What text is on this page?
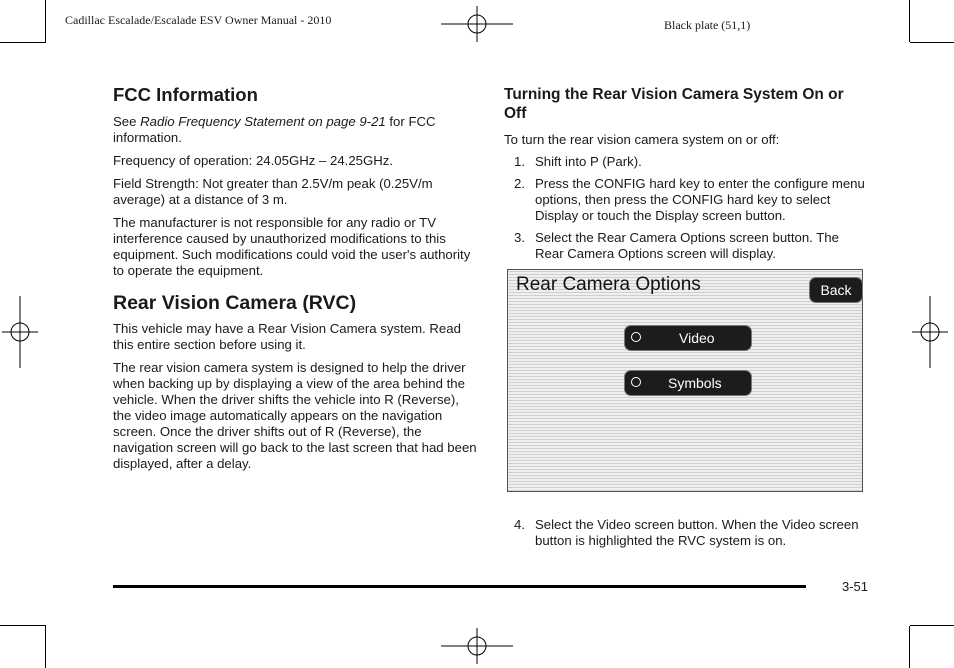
Cadillac Escalade/Escalade ESV Owner Manual - 2010	Black plate (51,1)
FCC Information

See Radio Frequency Statement on page 9‑21 for FCC information.

Frequency of operation: 24.05GHz – 24.25GHz.

Field Strength: Not greater than 2.5V/m peak (0.25V/m average) at a distance of 3 m.

The manufacturer is not responsible for any radio or TV interference caused by unauthorized modifications to this equipment. Such modifications could void the user's authority to operate the equipment.

Rear Vision Camera (RVC)

This vehicle may have a Rear Vision Camera system. Read this entire section before using it.

The rear vision camera system is designed to help the driver when backing up by displaying a view of the area behind the vehicle. When the driver shifts the vehicle into R (Reverse), the video image automatically appears on the navigation screen. Once the driver shifts out of R (Reverse), the navigation screen will go back to the last screen that had been displayed, after a delay.

Turning the Rear Vision Camera System On or Off

To turn the rear vision camera system on or off:

1. Shift into P (Park).
2. Press the CONFIG hard key to enter the configure menu options, then press the CONFIG hard key to select Display or touch the Display screen button.
3. Select the Rear Camera Options screen button. The Rear Camera Options screen will display.
Rear Camera Options	Back
Video
Symbols
4. Select the Video screen button. When the Video screen button is highlighted the RVC system is on.
3-51
